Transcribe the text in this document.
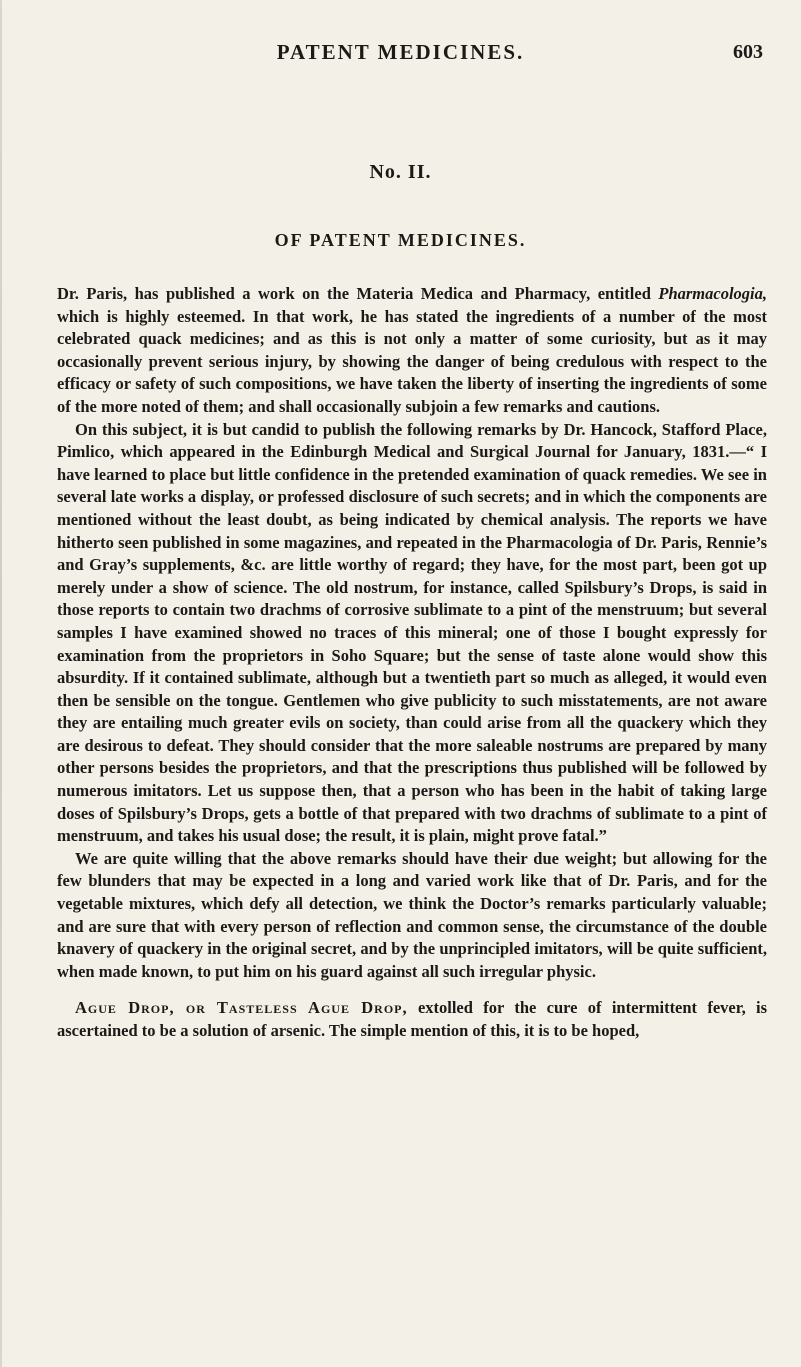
PATENT MEDICINES.	603
No. II.
OF PATENT MEDICINES.

Dr. Paris, has published a work on the Materia Medica and Pharmacy, entitled Pharmacologia, which is highly esteemed. In that work, he has stated the ingredients of a number of the most celebrated quack medicines; and as this is not only a matter of some curiosity, but as it may occasionally prevent serious injury, by showing the danger of being credulous with respect to the efficacy or safety of such compositions, we have taken the liberty of inserting the ingredients of some of the more noted of them; and shall occasionally subjoin a few remarks and cautions.

On this subject, it is but candid to publish the following remarks by Dr. Hancock, Stafford Place, Pimlico, which appeared in the Edinburgh Medical and Surgical Journal for January, 1831.—“ I have learned to place but little confidence in the pretended examination of quack remedies. We see in several late works a display, or professed disclosure of such secrets; and in which the components are mentioned without the least doubt, as being indicated by chemical analysis. The reports we have hitherto seen published in some magazines, and repeated in the Pharmacologia of Dr. Paris, Rennie’s and Gray’s supplements, &c. are little worthy of regard; they have, for the most part, been got up merely under a show of science. The old nostrum, for instance, called Spilsbury’s Drops, is said in those reports to contain two drachms of corrosive sublimate to a pint of the menstruum; but several samples I have examined showed no traces of this mineral; one of those I bought expressly for examination from the proprietors in Soho Square; but the sense of taste alone would show this absurdity. If it contained sublimate, although but a twentieth part so much as alleged, it would even then be sensible on the tongue. Gentlemen who give publicity to such misstatements, are not aware they are entailing much greater evils on society, than could arise from all the quackery which they are desirous to defeat. They should consider that the more saleable nostrums are prepared by many other persons besides the proprietors, and that the prescriptions thus published will be followed by numerous imitators. Let us suppose then, that a person who has been in the habit of taking large doses of Spilsbury’s Drops, gets a bottle of that prepared with two drachms of sublimate to a pint of menstruum, and takes his usual dose; the result, it is plain, might prove fatal.”

We are quite willing that the above remarks should have their due weight; but allowing for the few blunders that may be expected in a long and varied work like that of Dr. Paris, and for the vegetable mixtures, which defy all detection, we think the Doctor’s remarks particularly valuable; and are sure that with every person of reflection and common sense, the circumstance of the double knavery of quackery in the original secret, and by the unprincipled imitators, will be quite sufficient, when made known, to put him on his guard against all such irregular physic.

Ague Drop, or Tasteless Ague Drop, extolled for the cure of intermittent fever, is ascertained to be a solution of arsenic. The simple mention of this, it is to be hoped,
